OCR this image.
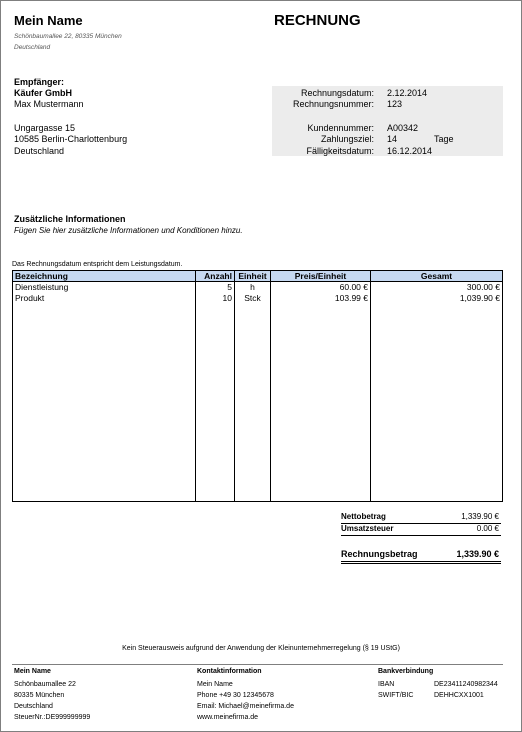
Mein Name	RECHNUNG
Schönbaumallee 22, 80335 München
Deutschland
Empfänger:
Käufer GmbH
Max Mustermann
Ungargasse 15
10585 Berlin-Charlottenburg
Deutschland
Rechnungsdatum: 2.12.2014
Rechnungsnummer: 123
Kundennummer: A00342
Zahlungsziel: 14	Tage
Fälligkeitsdatum: 16.12.2014
Zusätzliche Informationen
Fügen Sie hier zusätzliche Informationen und Konditionen hinzu.
Das Rechnungsdatum entspricht dem Leistungsdatum.
Bezeichnung	Anzahl	Einheit	Preis/Einheit	Gesamt
Dienstleistung	5	h	60.00 €	300.00 €
Produkt	10	Stck	103.99 €	1,039.90 €

Nettobetrag	1,339.90 €
Umsatzsteuer	0.00 €
Rechnungsbetrag	1,339.90 €
Kein Steuerausweis aufgrund der Anwendung der Kleinunternehmerregelung (§ 19 UStG)
Mein Name
Schönbaumallee 22
80335 München
Deutschland
SteuerNr.:DE999999999
Kontaktinformation
Mein Name
Phone +49 30 12345678
Email: Michael@meinefirma.de
www.meinefirma.de
Bankverbindung
IBAN	DE23411240982344
SWIFT/BIC	DEHHCXX1001
